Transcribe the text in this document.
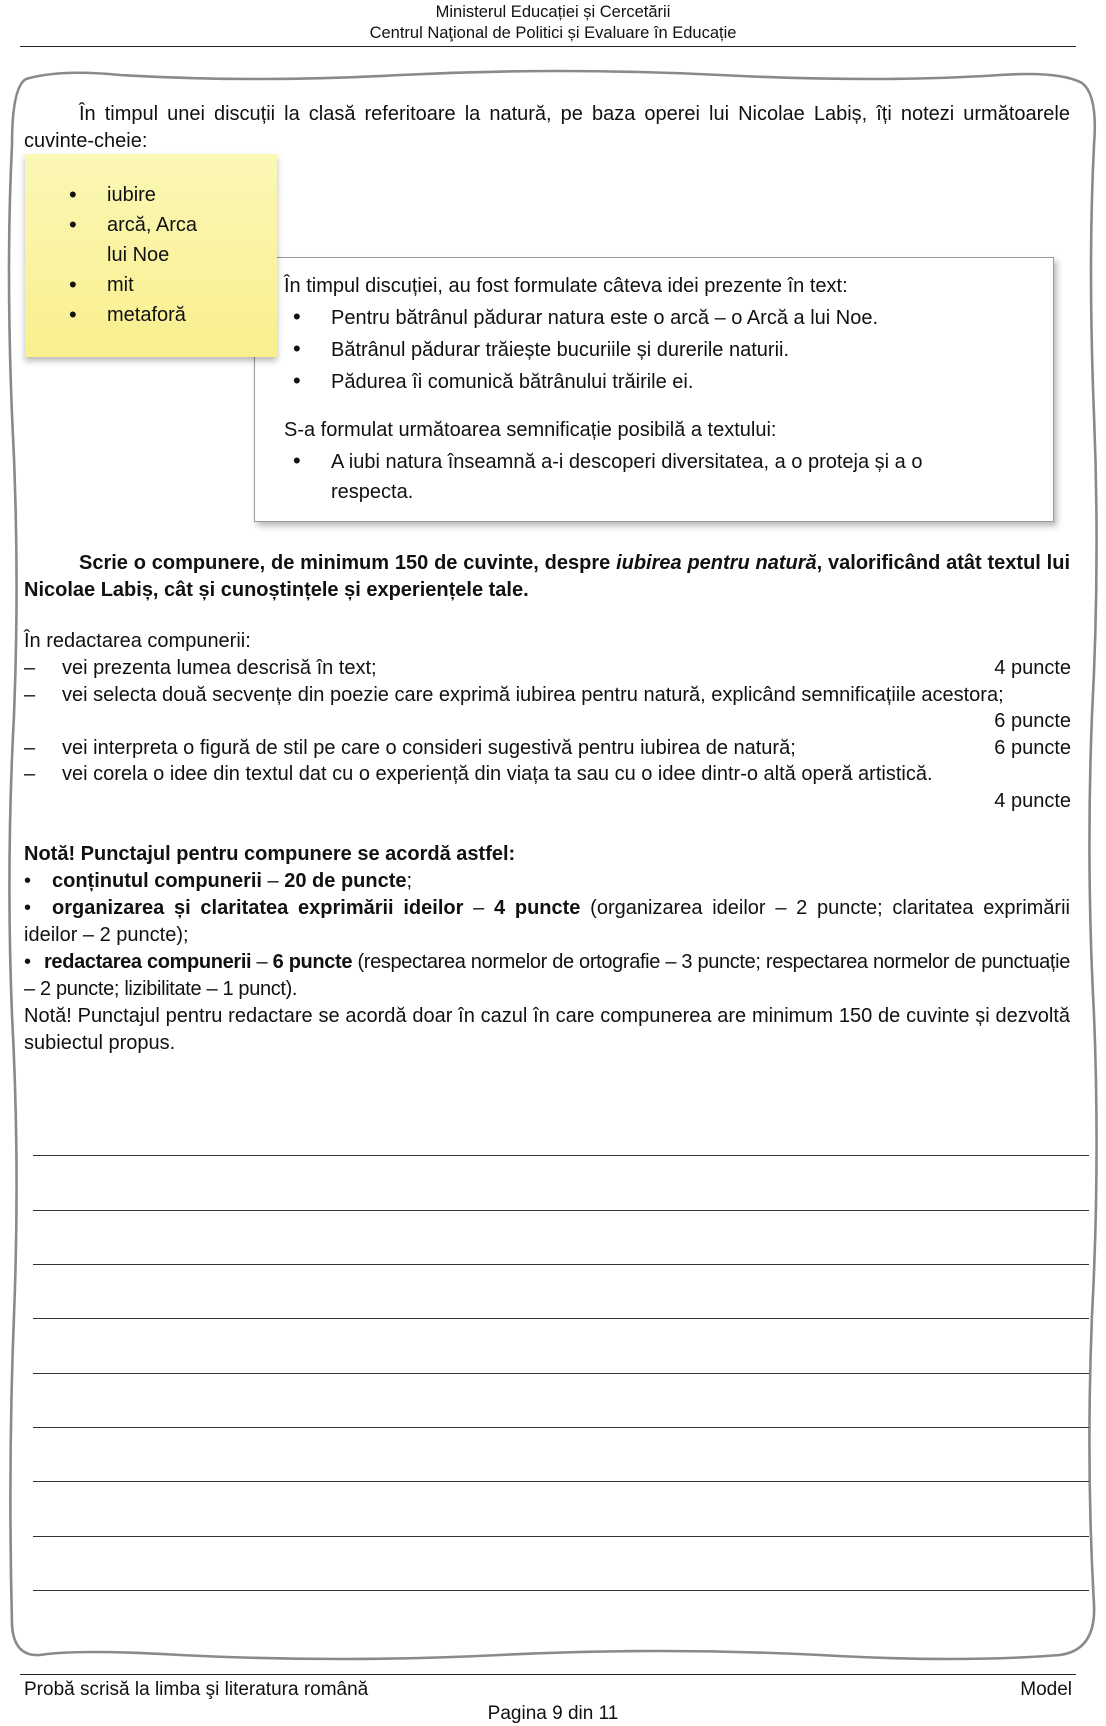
Ministerul Educației și Cercetării
Centrul Naţional de Politici și Evaluare în Educație
În timpul unei discuții la clasă referitoare la natură, pe baza operei lui Nicolae Labiș, îți notezi următoarele cuvinte-cheie:
În timpul discuției, au fost formulate câteva idei prezente în text:
• Pentru bătrânul pădurar natura este o arcă – o Arcă a lui Noe.
• Bătrânul pădurar trăiește bucuriile și durerile naturii.
• Pădurea îi comunică bătrânului trăirile ei.
S-a formulat următoarea semnificație posibilă a textului:
• A iubi natura înseamnă a-i descoperi diversitatea, a o proteja și a o
respecta.
• iubire
• arcă, Arca
lui Noe
• mit
• metaforă
Scrie o compunere, de minimum 150 de cuvinte, despre iubirea pentru natură, valorificând atât textul lui Nicolae Labiș, cât și cunoștințele și experiențele tale.
În redactarea compunerii:
– vei prezenta lumea descrisă în text;	4 puncte
– vei selecta două secvențe din poezie care exprimă iubirea pentru natură, explicând semnificațiile acestora;
6 puncte
– vei interpreta o figură de stil pe care o consideri sugestivă pentru iubirea de natură;	6 puncte
– vei corela o idee din textul dat cu o experiență din viața ta sau cu o idee dintr-o altă operă artistică.
4 puncte
Notă! Punctajul pentru compunere se acordă astfel:
• conținutul compunerii – 20 de puncte;
• organizarea și claritatea exprimării ideilor – 4 puncte (organizarea ideilor – 2 puncte; claritatea exprimării ideilor – 2 puncte);
• redactarea compunerii – 6 puncte (respectarea normelor de ortografie – 3 puncte; respectarea normelor de punctuație – 2 puncte; lizibilitate – 1 punct).
Notă! Punctajul pentru redactare se acordă doar în cazul în care compunerea are minimum 150 de cuvinte și dezvoltă subiectul propus.
Probă scrisă la limba şi literatura română	Model
Pagina 9 din 11
